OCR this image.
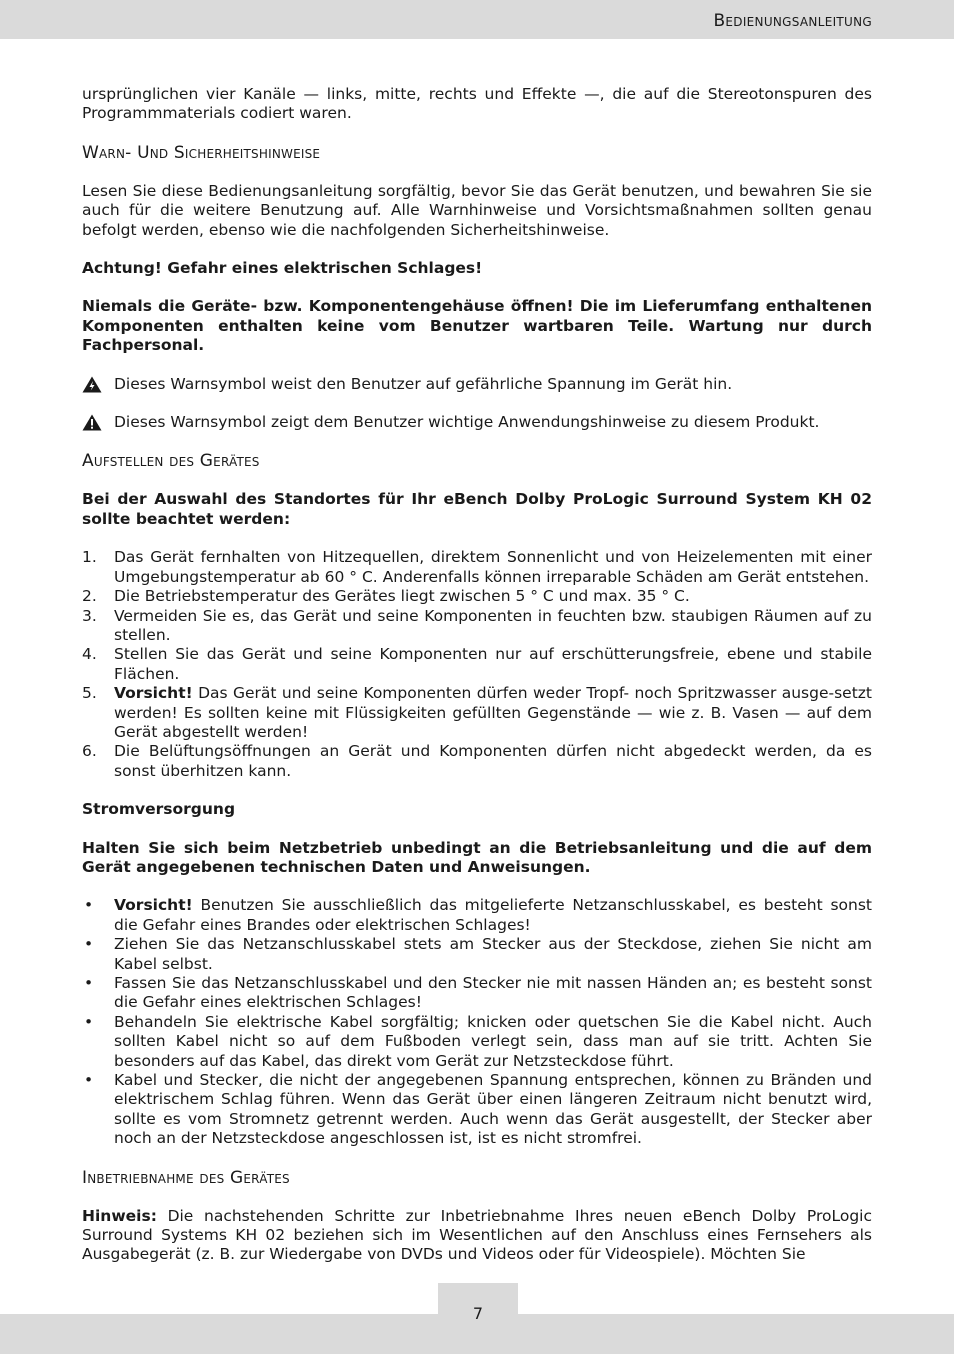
Bedienungsanleitung

ursprünglichen vier Kanäle — links, mitte, rechts und Effekte —, die auf die Stereotonspuren des Programmmaterials codiert waren.

Warn- Und Sicherheitshinweise

Lesen Sie diese Bedienungsanleitung sorgfältig, bevor Sie das Gerät benutzen, und bewahren Sie sie auch für die weitere Benutzung auf. Alle Warnhinweise und Vorsichtsmaßnahmen sollten genau befolgt werden, ebenso wie die nachfolgenden Sicherheitshinweise.

Achtung! Gefahr eines elektrischen Schlages!

Niemals die Geräte- bzw. Komponentengehäuse öffnen! Die im Lieferumfang enthaltenen Komponenten enthalten keine vom Benutzer wartbaren Teile. Wartung nur durch Fachpersonal.

Dieses Warnsymbol weist den Benutzer auf gefährliche Spannung im Gerät hin.
Dieses Warnsymbol zeigt dem Benutzer wichtige Anwendungshinweise zu diesem Produkt.
Aufstellen des Gerätes

Bei der Auswahl des Standortes für Ihr eBench Dolby ProLogic Surround System KH 02 sollte beachtet werden:

1.	Das Gerät fernhalten von Hitzequellen, direktem Sonnenlicht und von Heizelementen mit einer Umgebungstemperatur ab 60 ° C. Anderenfalls können irreparable Schäden am Gerät entstehen.
2.	Die Betriebstemperatur des Gerätes liegt zwischen 5 ° C und max. 35 ° C.
3.	Vermeiden Sie es, das Gerät und seine Komponenten in feuchten bzw. staubigen Räumen auf zu stellen.
4.	Stellen Sie das Gerät und seine Komponenten nur auf erschütterungsfreie, ebene und stabile Flächen.
5.	Vorsicht! Das Gerät und seine Komponenten dürfen weder Tropf- noch Spritzwasser ausge-setzt werden! Es sollten keine mit Flüssigkeiten gefüllten Gegenstände — wie z. B. Vasen — auf dem Gerät abgestellt werden!
6.	Die Belüftungsöffnungen an Gerät und Komponenten dürfen nicht abgedeckt werden, da es sonst überhitzen kann.

Stromversorgung

Halten Sie sich beim Netzbetrieb unbedingt an die Betriebsanleitung und die auf dem Gerät angegebenen technischen Daten und Anweisungen.

•	Vorsicht! Benutzen Sie ausschließlich das mitgelieferte Netzanschlusskabel, es besteht sonst die Gefahr eines Brandes oder elektrischen Schlages!
•	Ziehen Sie das Netzanschlusskabel stets am Stecker aus der Steckdose, ziehen Sie nicht am Kabel selbst.
•	Fassen Sie das Netzanschlusskabel und den Stecker nie mit nassen Händen an; es besteht sonst die Gefahr eines elektrischen Schlages!
•	Behandeln Sie elektrische Kabel sorgfältig; knicken oder quetschen Sie die Kabel nicht. Auch sollten Kabel nicht so auf dem Fußboden verlegt sein, dass man auf sie tritt. Achten Sie besonders auf das Kabel, das direkt vom Gerät zur Netzsteckdose führt.
•	Kabel und Stecker, die nicht der angegebenen Spannung entsprechen, können zu Bränden und elektrischem Schlag führen. Wenn das Gerät über einen längeren Zeitraum nicht benutzt wird, sollte es vom Stromnetz getrennt werden. Auch wenn das Gerät ausgestellt, der Stecker aber noch an der Netzsteckdose angeschlossen ist, ist es nicht stromfrei.
Inbetriebnahme des Gerätes

Hinweis: Die nachstehenden Schritte zur Inbetriebnahme Ihres neuen eBench Dolby ProLogic Surround Systems KH 02 beziehen sich im Wesentlichen auf den Anschluss eines Fernsehers als Ausgabegerät (z. B. zur Wiedergabe von DVDs und Videos oder für Videospiele). Möchten Sie

7
